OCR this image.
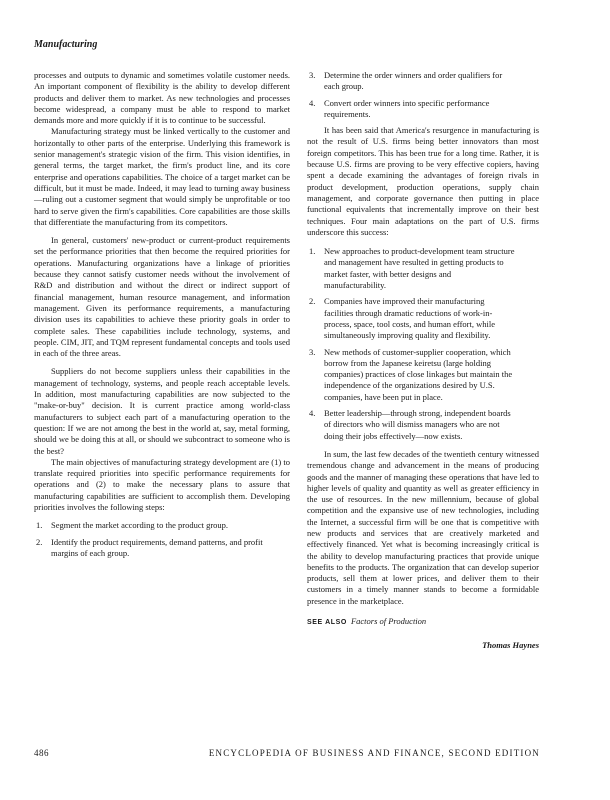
Manufacturing

processes and outputs to dynamic and sometimes volatile customer needs. An important component of flexibility is the ability to develop different products and deliver them to market. As new technologies and processes become widespread, a company must be able to respond to market demands more and more quickly if it is to continue to be successful.

Manufacturing strategy must be linked vertically to the customer and horizontally to other parts of the enterprise. Underlying this framework is senior management's strategic vision of the firm. This vision identifies, in general terms, the target market, the firm's product line, and its core enterprise and operations capabilities. The choice of a target market can be difficult, but it must be made. Indeed, it may lead to turning away business—ruling out a customer segment that would simply be unprofitable or too hard to serve given the firm's capabilities. Core capabilities are those skills that differentiate the manufacturing from its competitors.

In general, customers' new-product or current-product requirements set the performance priorities that then become the required priorities for operations. Manufacturing organizations have a linkage of priorities because they cannot satisfy customer needs without the involvement of R&D and distribution and without the direct or indirect support of financial management, human resource management, and information management. Given its performance requirements, a manufacturing division uses its capabilities to achieve these priority goals in order to complete sales. These capabilities include technology, systems, and people. CIM, JIT, and TQM represent fundamental concepts and tools used in each of the three areas.

Suppliers do not become suppliers unless their capabilities in the management of technology, systems, and people reach acceptable levels. In addition, most manufacturing capabilities are now subjected to the "make-or-buy" decision. It is current practice among world-class manufacturers to subject each part of a manufacturing operation to the question: If we are not among the best in the world at, say, metal forming, should we be doing this at all, or should we subcontract to someone who is the best?

The main objectives of manufacturing strategy development are (1) to translate required priorities into specific performance requirements for operations and (2) to make the necessary plans to assure that manufacturing capabilities are sufficient to accomplish them. Developing priorities involves the following steps:

1. Segment the market according to the product group.
2. Identify the product requirements, demand patterns, and profit margins of each group.
3. Determine the order winners and order qualifiers for each group.
4. Convert order winners into specific performance requirements.

It has been said that America's resurgence in manufacturing is not the result of U.S. firms being better innovators than most foreign competitors. This has been true for a long time. Rather, it is because U.S. firms are proving to be very effective copiers, having spent a decade examining the advantages of foreign rivals in product development, production operations, supply chain management, and corporate governance then putting in place functional equivalents that incrementally improve on their best techniques. Four main adaptations on the part of U.S. firms underscore this success:

1. New approaches to product-development team structure and management have resulted in getting products to market faster, with better designs and manufacturability.
2. Companies have improved their manufacturing facilities through dramatic reductions of work-in-process, space, tool costs, and human effort, while simultaneously improving quality and flexibility.
3. New methods of customer-supplier cooperation, which borrow from the Japanese keiretsu (large holding companies) practices of close linkages but maintain the independence of the organizations desired by U.S. companies, have been put in place.
4. Better leadership—through strong, independent boards of directors who will dismiss managers who are not doing their jobs effectively—now exists.

In sum, the last few decades of the twentieth century witnessed tremendous change and advancement in the means of producing goods and the manner of managing these operations that have led to higher levels of quality and quantity as well as greater efficiency in the use of resources. In the new millennium, because of global competition and the expansive use of new technologies, including the Internet, a successful firm will be one that is competitive with new products and services that are creatively marketed and effectively financed. Yet what is becoming increasingly critical is the ability to develop manufacturing practices that provide unique benefits to the products. The organization that can develop superior products, sell them at lower prices, and deliver them to their customers in a timely manner stands to become a formidable presence in the marketplace.

SEE ALSO Factors of Production

Thomas Haynes

486	ENCYCLOPEDIA OF BUSINESS AND FINANCE, SECOND EDITION
